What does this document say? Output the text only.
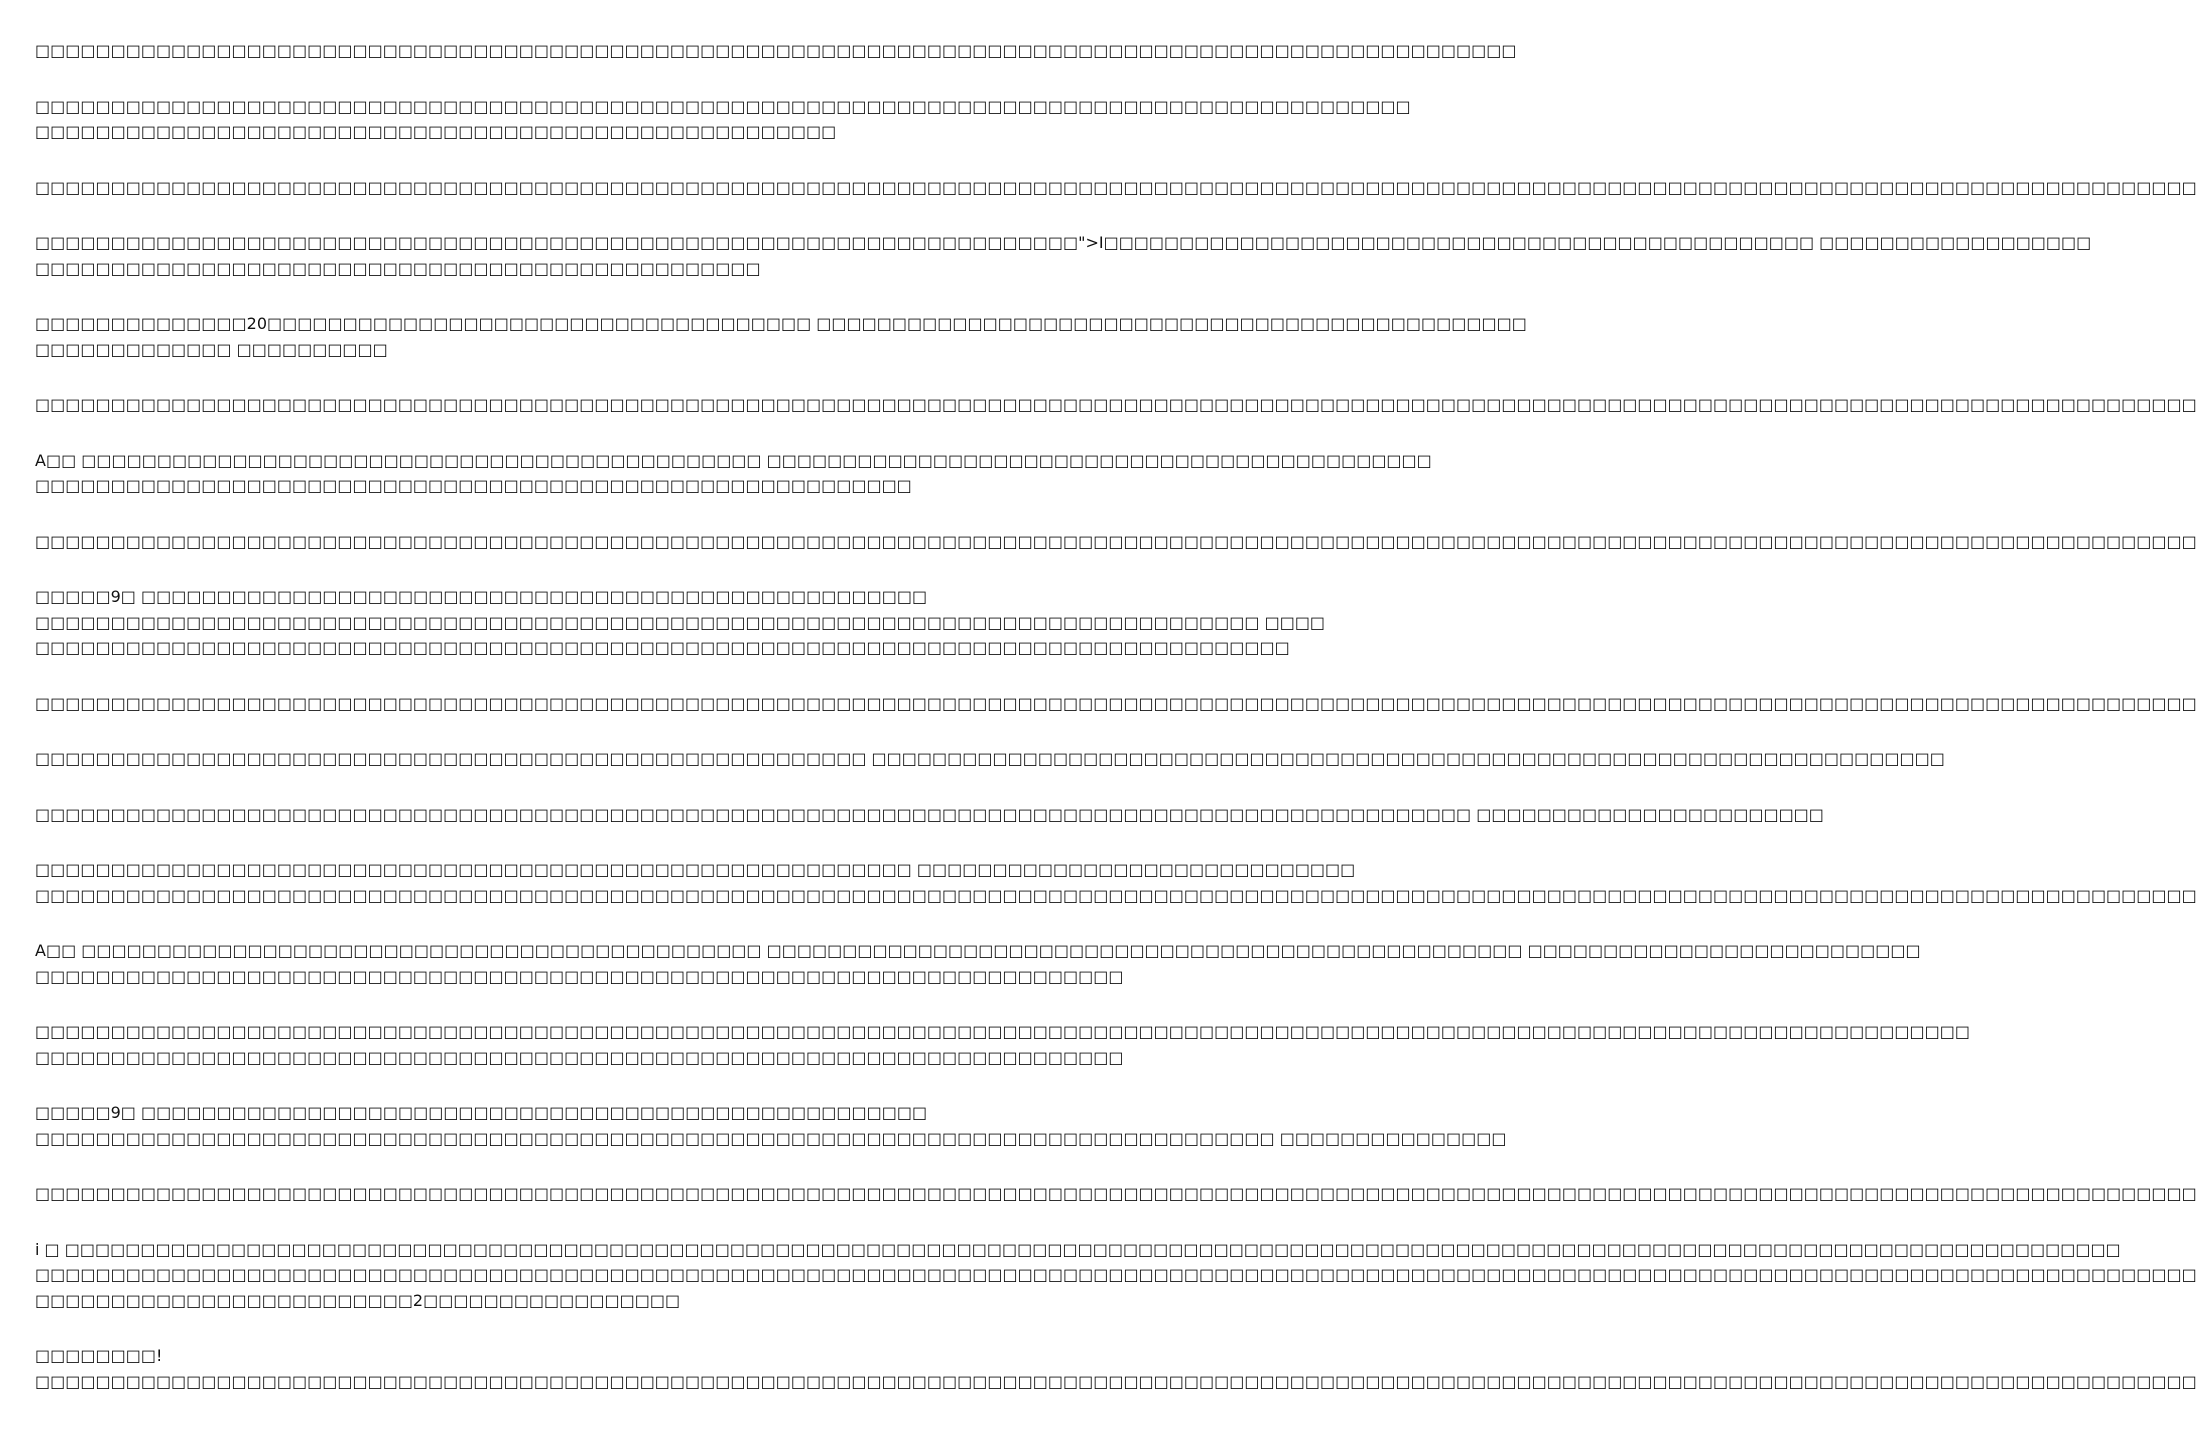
□□□□□□□□□□□□□□□□□□□□□□□□□□□□□□□□□□□□□□□□□□□□□□□□□□□□□□□□□□□□□□□□□□□□□□□□□□□□□□□□□□□□□□□□□□□□□□□□□□

□□□□□□□□□□□□□□□□□□□□□□□□□□□□□□□□□□□□□□□□□□□□□□□□□□□□□□□□□□□□□□□□□□□□□□□□□□□□□□□□□□□□□□□□□□□
□□□□□□□□□□□□□□□□□□□□□□□□□□□□□□□□□□□□□□□□□□□□□□□□□□□□□

□□□□□□□□□□□□□□□□□□□□□□□□□□□□□□□□□□□□□□□□□□□□□□□□□□□□□□□□□□□□□□□□□□□□□□□□□□□□□□□□□□□□□□□□□□□□□□□□□□□□□□□□□□□□□□□□□□□□□□□□□□□□□□□□□□□□□□□□□□□□□□□

□□□□□□□□□□□□□□□□□□□□□□□□□□□□□□□□□□□□□□□□□□□□□□□□□□□□□□□□□□□□□□□□□□□□□">I□□□□□□□□□□□□□□□□□□□□□□□□□□□□□□□□□□□□□□□□□□□□□□□ □□□□□□□□□□□□□□□□□□
□□□□□□□□□□□□□□□□□□□□□□□□□□□□□□□□□□□□□□□□□□□□□□□□

□□□□□□□□□□□□□□20□□□□□□□□□□□□□□□□□□□□□□□□□□□□□□□□□□□□ □□□□□□□□□□□□□□□□□□□□□□□□□□□□□□□□□□□□□□□□□□□□□□□
□□□□□□□□□□□□□ □□□□□□□□□□

□□□□□□□□□□□□□□□□□□□□□□□□□□□□□□□□□□□□□□□□□□□□□□□□□□□□□□□□□□□□□□□□□□□□□□□□□□□□□□□□□□□□□□□□□□□□□□□□□□□□□□□□□□□□□□□□□□□□□□□□□□□□□□□□□□□□□□□□□□□□□□□

A□□ □□□□□□□□□□□□□□□□□□□□□□□□□□□□□□□□□□□□□□□□□□□□□ □□□□□□□□□□□□□□□□□□□□□□□□□□□□□□□□□□□□□□□□□□□□
□□□□□□□□□□□□□□□□□□□□□□□□□□□□□□□□□□□□□□□□□□□□□□□□□□□□□□□□□□

□□□□□□□□□□□□□□□□□□□□□□□□□□□□□□□□□□□□□□□□□□□□□□□□□□□□□□□□□□□□□□□□□□□□□□□□□□□□□□□□□□□□□□□□□□□□□□□□□□□□□□□□□□□□□□□□□□□□□□□□□□□□□□□□□□□□□□□□□□□□□□□

□□□□□9□ □□□□□□□□□□□□□□□□□□□□□□□□□□□□□□□□□□□□□□□□□□□□□□□□□□□□
□□□□□□□□□□□□□□□□□□□□□□□□□□□□□□□□□□□□□□□□□□□□□□□□□□□□□□□□□□□□□□□□□□□□□□□□□□□□□□□□□ □□□□
□□□□□□□□□□□□□□□□□□□□□□□□□□□□□□□□□□□□□□□□□□□□□□□□□□□□□□□□□□□□□□□□□□□□□□□□□□□□□□□□□□□

□□□□□□□□□□□□□□□□□□□□□□□□□□□□□□□□□□□□□□□□□□□□□□□□□□□□□□□□□□□□□□□□□□□□□□□□□□□□□□□□□□□□□□□□□□□□□□□□□□□□□□□□□□□□□□□□□□□□□□□□□□□□□□□□□□□□□□□□□□□□□□□

□□□□□□□□□□□□□□□□□□□□□□□□□□□□□□□□□□□□□□□□□□□□□□□□□□□□□□□ □□□□□□□□□□□□□□□□□□□□□□□□□□□□□□□□□□□□□□□□□□□□□□□□□□□□□□□□□□□□□□□□□□□□□□□

□□□□□□□□□□□□□□□□□□□□□□□□□□□□□□□□□□□□□□□□□□□□□□□□□□□□□□□□□□□□□□□□□□□□□□□□□□□□□□□□□□□□□□□□□□□□□□□ □□□□□□□□□□□□□□□□□□□□□□□

□□□□□□□□□□□□□□□□□□□□□□□□□□□□□□□□□□□□□□□□□□□□□□□□□□□□□□□□□□ □□□□□□□□□□□□□□□□□□□□□□□□□□□□□
□□□□□□□□□□□□□□□□□□□□□□□□□□□□□□□□□□□□□□□□□□□□□□□□□□□□□□□□□□□□□□□□□□□□□□□□□□□□□□□□□□□□□□□□□□□□□□□□□□□□□□□□□□□□□□□□□□□□□□□□□□□□□□□□□□□□□□□□□□□□□□□

A□□ □□□□□□□□□□□□□□□□□□□□□□□□□□□□□□□□□□□□□□□□□□□□□ □□□□□□□□□□□□□□□□□□□□□□□□□□□□□□□□□□□□□□□□□□□□□□□□□□ □□□□□□□□□□□□□□□□□□□□□□□□□□
□□□□□□□□□□□□□□□□□□□□□□□□□□□□□□□□□□□□□□□□□□□□□□□□□□□□□□□□□□□□□□□□□□□□□□□□

□□□□□□□□□□□□□□□□□□□□□□□□□□□□□□□□□□□□□□□□□□□□□□□□□□□□□□□□□□□□□□□□□□□□□□□□□□□□□□□□□□□□□□□□□□□□□□□□□□□□□□□□□□□□□□□□□□□□□□□□□□□□□□□□
□□□□□□□□□□□□□□□□□□□□□□□□□□□□□□□□□□□□□□□□□□□□□□□□□□□□□□□□□□□□□□□□□□□□□□□□

□□□□□9□ □□□□□□□□□□□□□□□□□□□□□□□□□□□□□□□□□□□□□□□□□□□□□□□□□□□□
□□□□□□□□□□□□□□□□□□□□□□□□□□□□□□□□□□□□□□□□□□□□□□□□□□□□□□□□□□□□□□□□□□□□□□□□□□□□□□□□□□ □□□□□□□□□□□□□□□

□□□□□□□□□□□□□□□□□□□□□□□□□□□□□□□□□□□□□□□□□□□□□□□□□□□□□□□□□□□□□□□□□□□□□□□□□□□□□□□□□□□□□□□□□□□□□□□□□□□□□□□□□□□□□□□□□□□□□□□□□□□□□□□□□□□□□□□□□□□□□□□

i □ □□□□□□□□□□□□□□□□□□□□□□□□□□□□□□□□□□□□□□□□□□□□□□□□□□□□□□□□□□□□□□□□□□□□□□□□□□□□□□□□□□□□□□□□□□□□□□□□□□□□□□□□□□□□□□□□□□□□□□□□□□□□□□□□□□□□□□□□
□□□□□□□□□□□□□□□□□□□□□□□□□□□□□□□□□□□□□□□□□□□□□□□□□□□□□□□□□□□□□□□□□□□□□□□□□□□□□□□□□□□□□□□□□□□□□□□□□□□□□□□□□□□□□□□□□□□□□□□□□□□□□□□□□□□□□□□□□□□□□□□
□□□□□□□□□□□□□□□□□□□□□□□□□2□□□□□□□□□□□□□□□□□

□□□□□□□□!
□□□□□□□□□□□□□□□□□□□□□□□□□□□□□□□□□□□□□□□□□□□□□□□□□□□□□□□□□□□□□□□□□□□□□□□□□□□□□□□□□□□□□□□□□□□□□□□□□□□□□□□□□□□□□□□□□□□□□□□□□□□□□□□□□□□□□□□□□□□□□□□
